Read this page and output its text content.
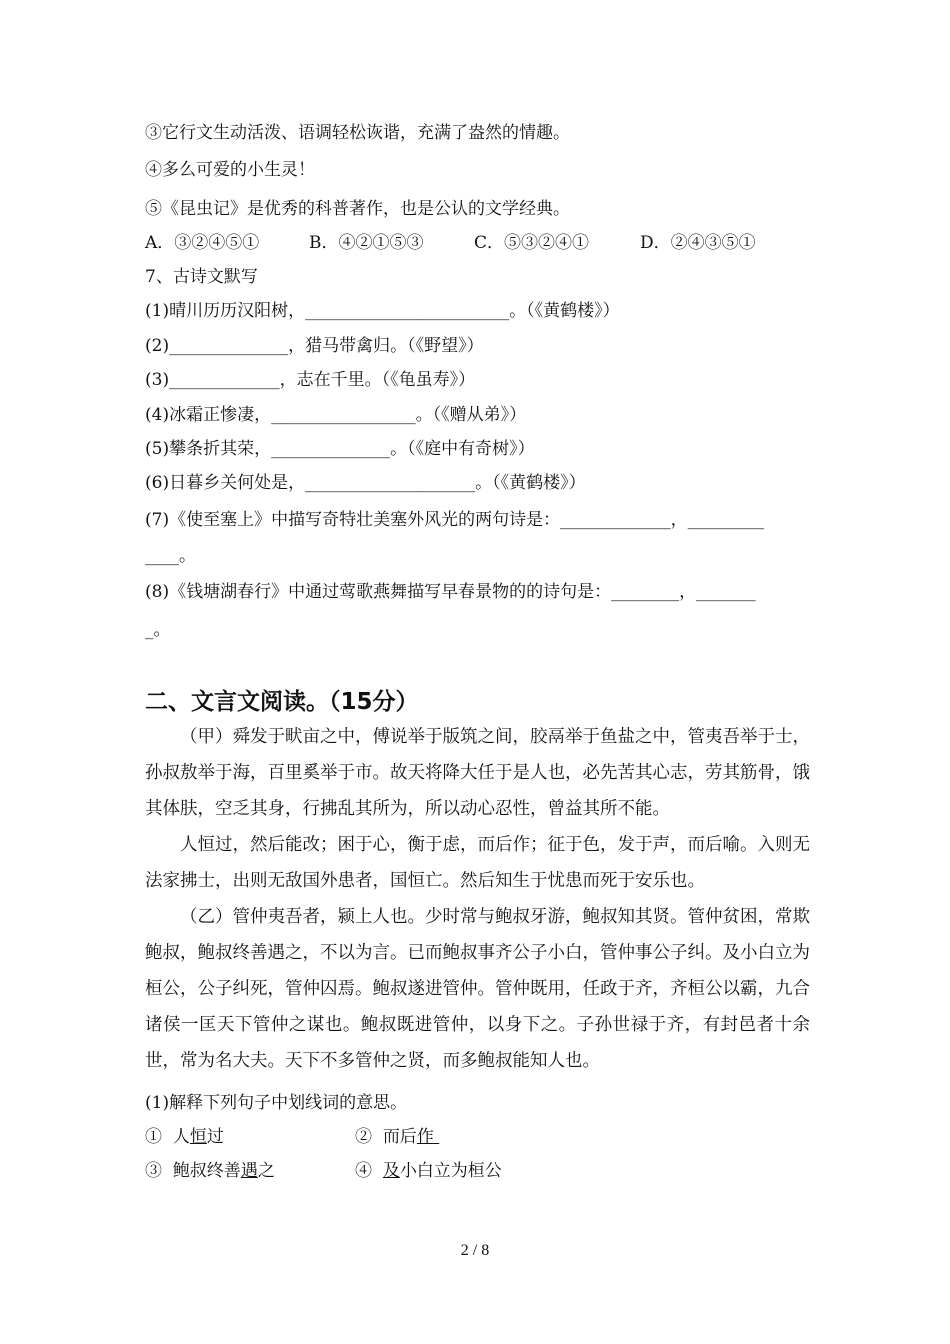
③它行文生动活泼、语调轻松诙谐，充满了盎然的情趣。
④多么可爱的小生灵！
⑤《昆虫记》是优秀的科普著作，也是公认的文学经典。
A．③②④⑤①	B．④②①⑤③	C．⑤③②④①	D．②④③⑤①
7、古诗文默写
(1)晴川历历汉阳树，________________________。（《黄鹤楼》）
(2)______________，猎马带禽归。（《野望》）
(3)_____________，志在千里。（《龟虽寿》）
(4)冰霜正惨凄，_________________。（《赠从弟》）
(5)攀条折其荣，______________。（《庭中有奇树》）
(6)日暮乡关何处是，____________________。（《黄鹤楼》）
(7)《使至塞上》中描写奇特壮美塞外风光的两句诗是：_____________，_________
____。
(8)《钱塘湖春行》中通过莺歌燕舞描写早春景物的的诗句是：________，_______
_。
二、文言文阅读。（15分）
（甲）舜发于畎亩之中，傅说举于版筑之间，胶鬲举于鱼盐之中，管夷吾举于士，孙叔敖举于海，百里奚举于市。故天将降大任于是人也，必先苦其心志，劳其筋骨，饿其体肤，空乏其身，行拂乱其所为，所以动心忍性，曾益其所不能。
人恒过，然后能改；困于心，衡于虑，而后作；征于色，发于声，而后喻。入则无法家拂士，出则无敌国外患者，国恒亡。然后知生于忧患而死于安乐也。
（乙）管仲夷吾者，颍上人也。少时常与鲍叔牙游，鲍叔知其贤。管仲贫困，常欺鲍叔，鲍叔终善遇之，不以为言。已而鲍叔事齐公子小白，管仲事公子纠。及小白立为桓公，公子纠死，管仲囚焉。鲍叔遂进管仲。管仲既用，任政于齐，齐桓公以霸，九合诸侯一匡天下管仲之谋也。鲍叔既进管仲，以身下之。子孙世禄于齐，有封邑者十余世，常为名大夫。天下不多管仲之贤，而多鲍叔能知人也。
(1)解释下列句子中划线词的意思。
① 人恒过	② 而后作
③ 鲍叔终善遇之	④ 及小白立为桓公
2 / 8
